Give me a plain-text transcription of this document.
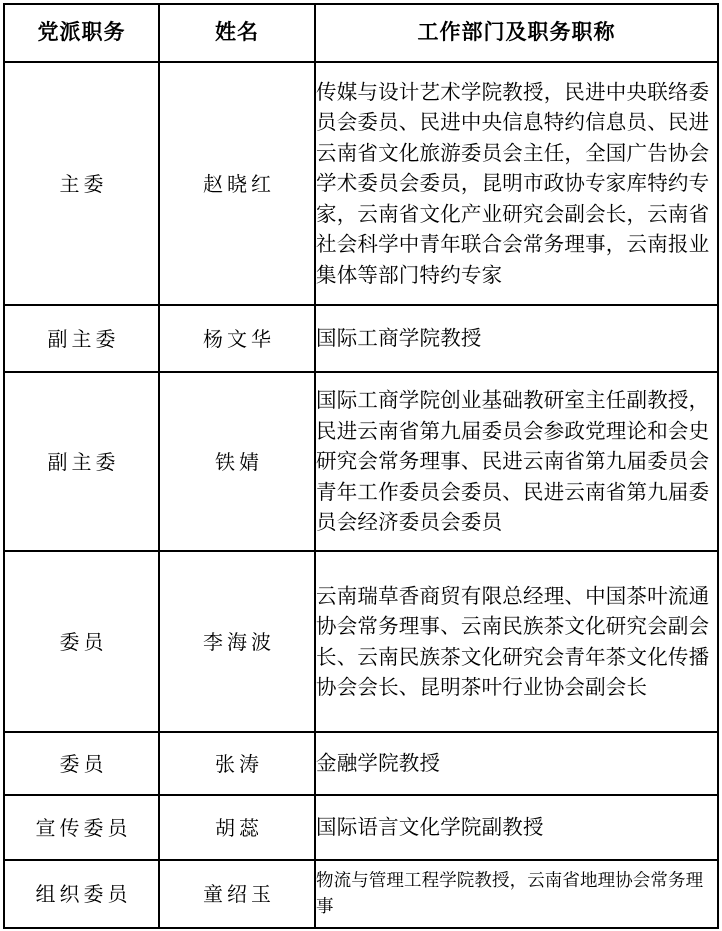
党派职务	姓名	工作部门及职务职称
主委	赵晓红	传媒与设计艺术学院教授，民进中央联络委员会委员、民进中央信息特约信息员、民进云南省文化旅游委员会主任，全国广告协会学术委员会委员，昆明市政协专家库特约专家，云南省文化产业研究会副会长，云南省社会科学中青年联合会常务理事，云南报业集体等部门特约专家

副主委	杨文华	国际工商学院教授

副主委	铁婧	国际工商学院创业基础教研室主任副教授，民进云南省第九届委员会参政党理论和会史研究会常务理事、民进云南省第九届委员会青年工作委员会委员、民进云南省第九届委员会经济委员会委员

委员	李海波	云南瑞草香商贸有限总经理、中国茶叶流通协会常务理事、云南民族茶文化研究会副会长、云南民族茶文化研究会青年茶文化传播协会会长、昆明茶叶行业协会副会长

委员	张涛	金融学院教授

宣传委员	胡蕊	国际语言文化学院副教授

组织委员	童绍玉	物流与管理工程学院教授，云南省地理协会常务理事
